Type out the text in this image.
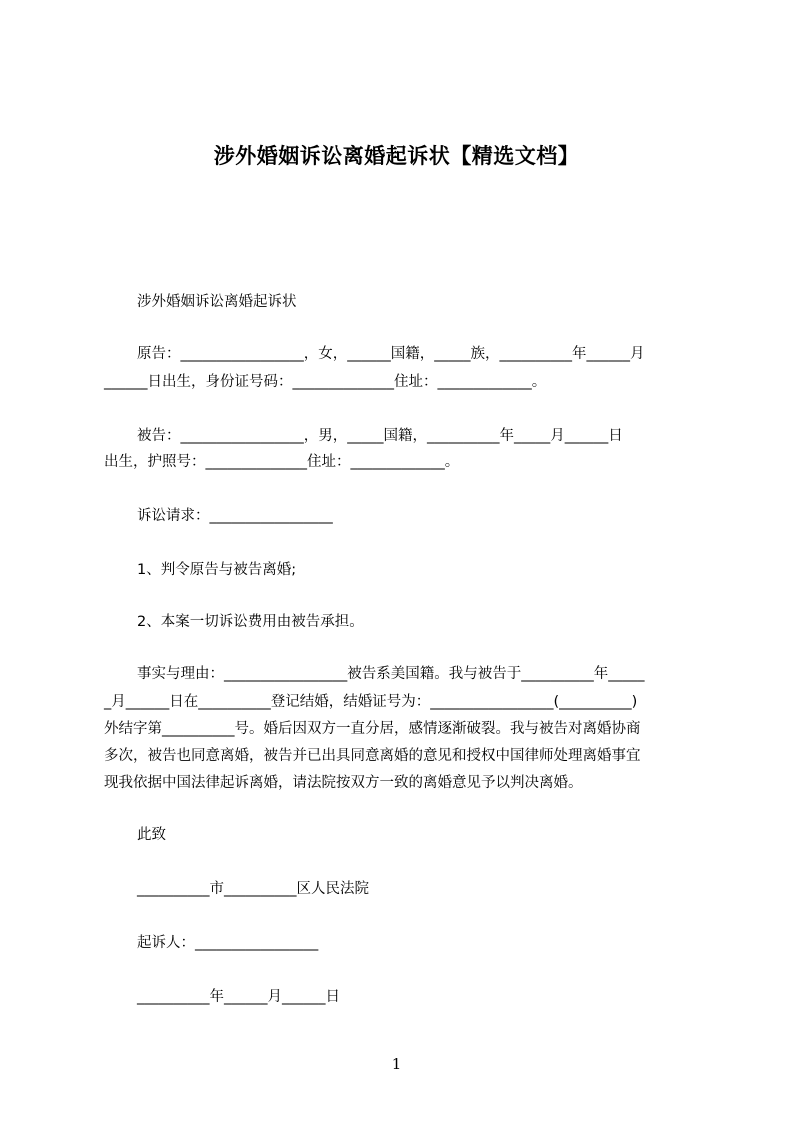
涉外婚姻诉讼离婚起诉状【精选文档】
涉外婚姻诉讼离婚起诉状
原告：_________________，女，______国籍，_____族，__________年______月
______日出生，身份证号码：______________住址：_____________。
被告：_________________，男，_____国籍，__________年_____月______日
出生，护照号：______________住址：_____________。
诉讼请求：_________________
1、判令原告与被告离婚;
2、本案一切诉讼费用由被告承担。
事实与理由：_________________被告系美国籍。我与被告于__________年_____
_月______日在__________登记结婚，结婚证号为：_________________(__________)
外结字第__________号。婚后因双方一直分居，感情逐渐破裂。我与被告对离婚协商
多次，被告也同意离婚，被告并已出具同意离婚的意见和授权中国律师处理离婚事宜
现我依据中国法律起诉离婚，请法院按双方一致的离婚意见予以判决离婚。
此致
__________市__________区人民法院
起诉人：_________________
__________年______月______日
1
